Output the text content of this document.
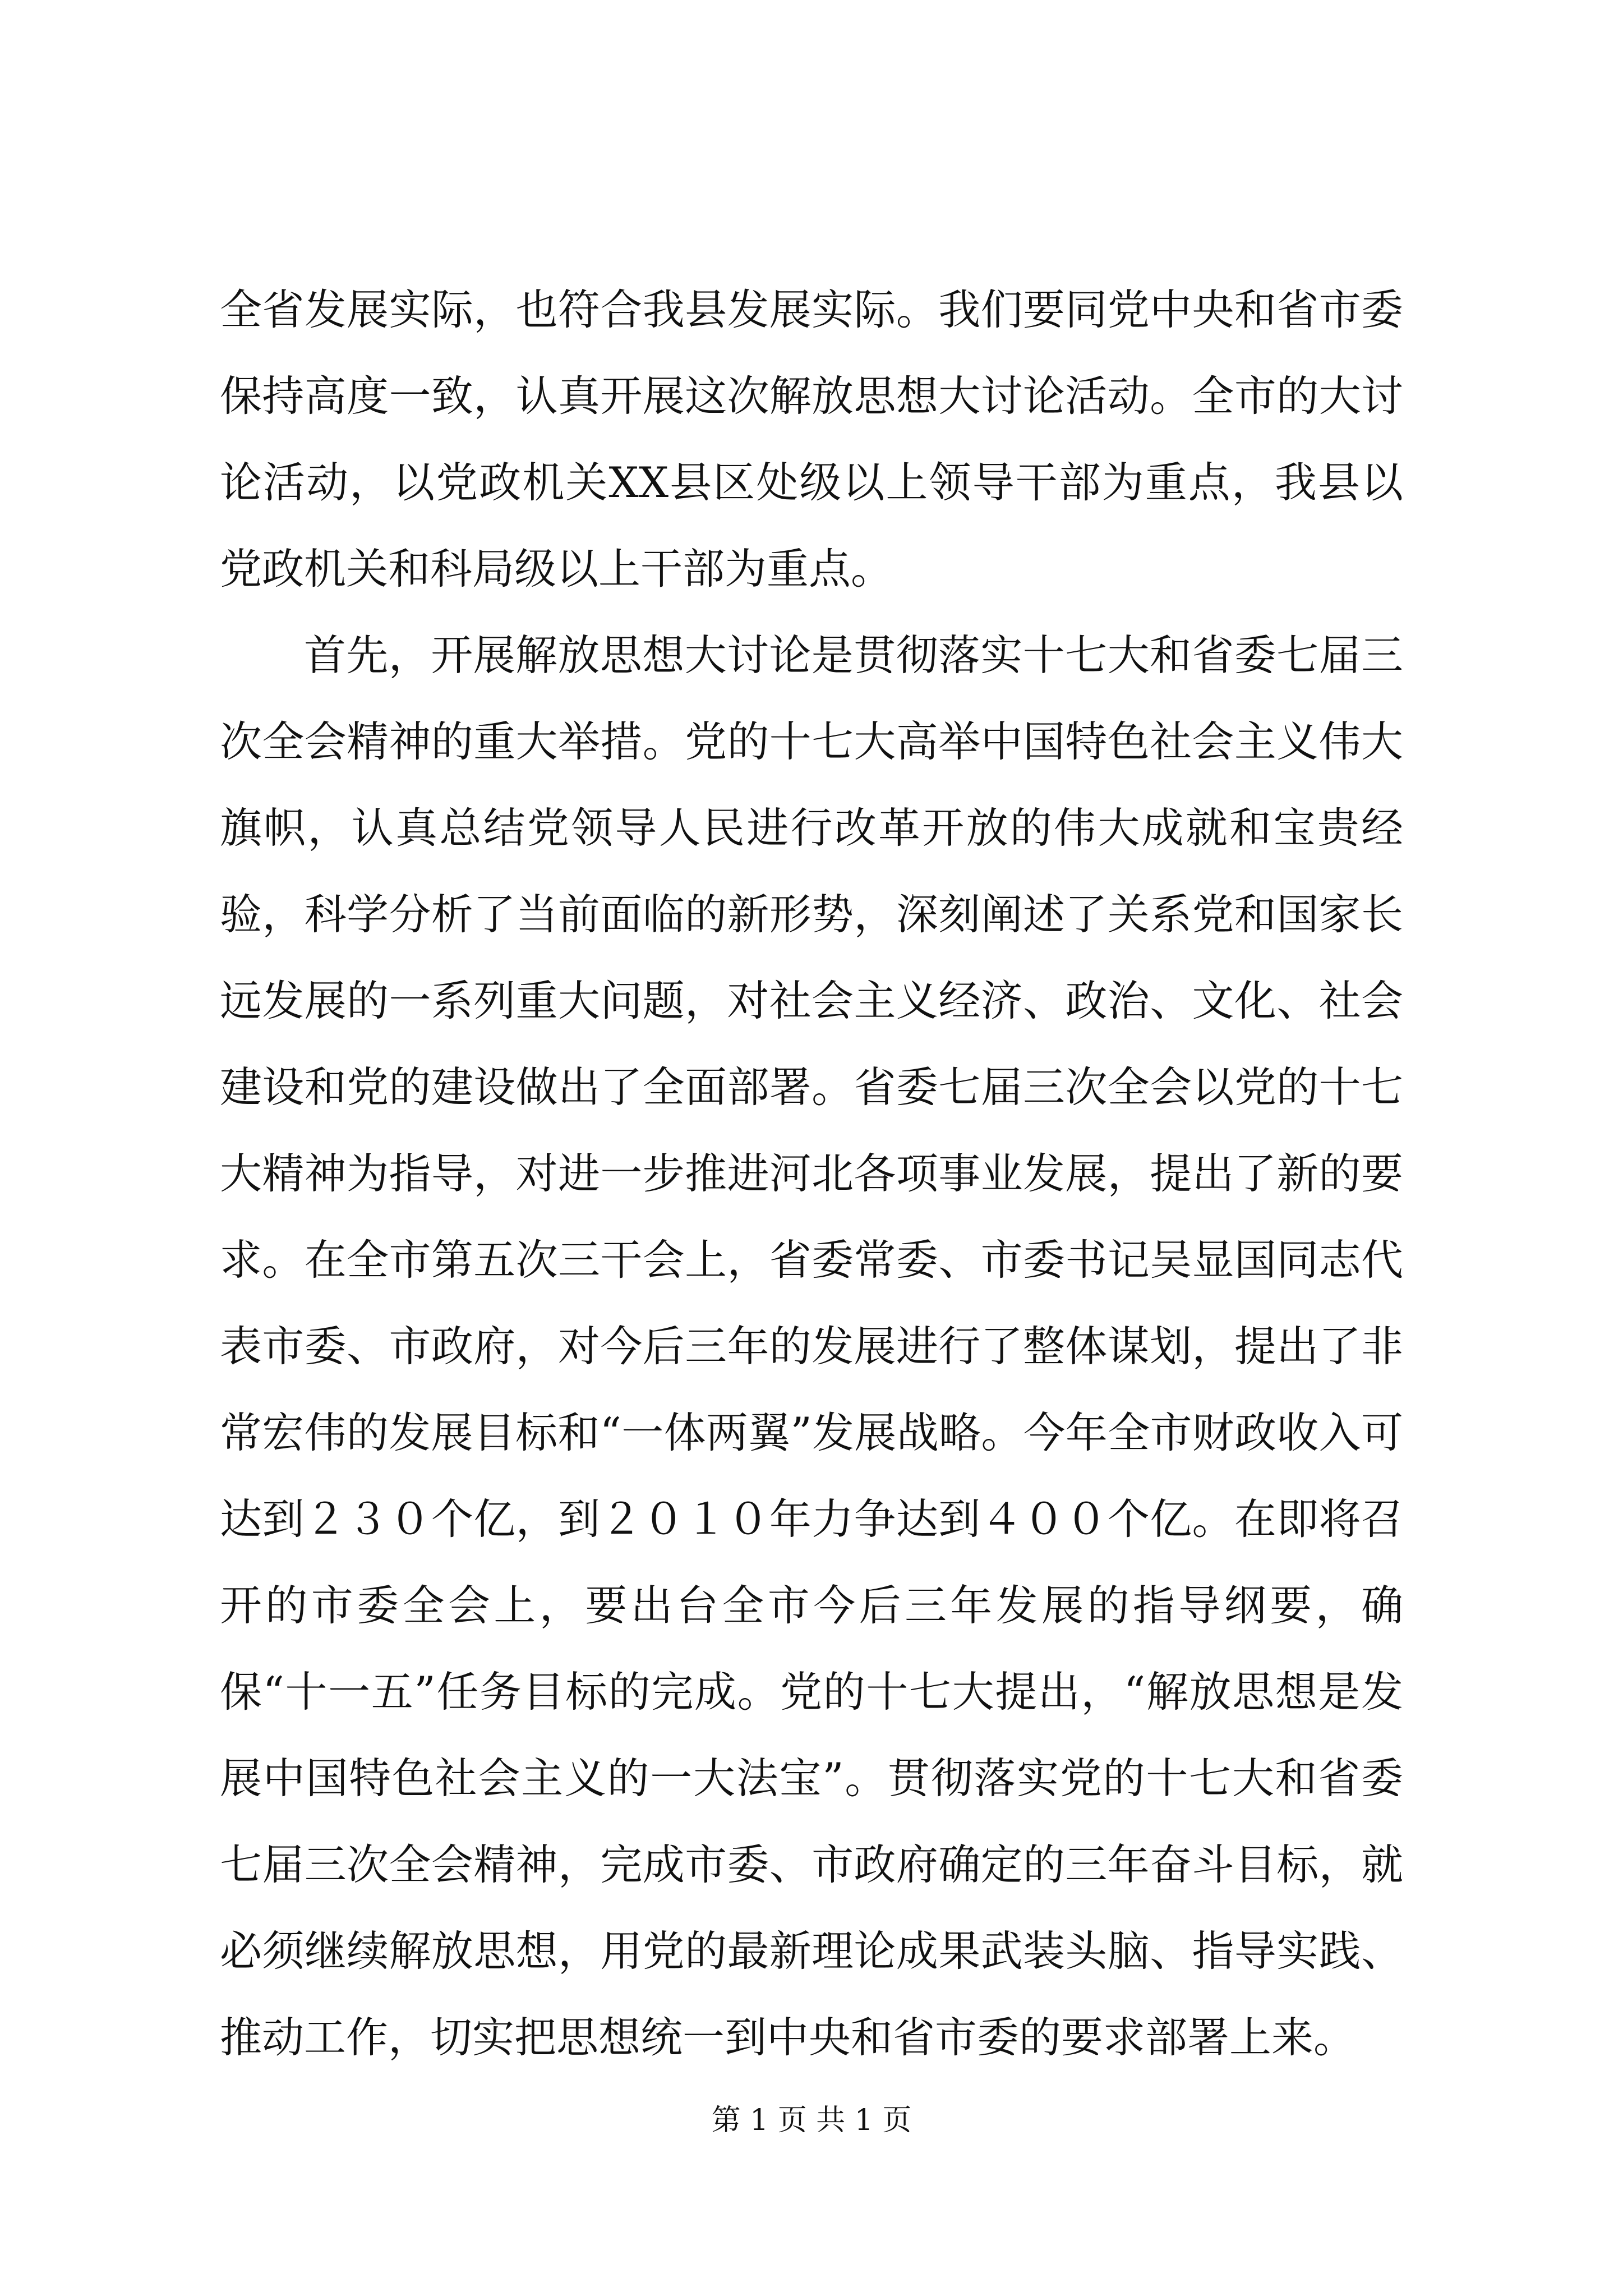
全省发展实际，也符合我县发展实际。我们要同党中央和省市委保持高度一致，认真开展这次解放思想大讨论活动。全市的大讨论活动，以党政机关XX县区处级以上领导干部为重点，我县以党政机关和科局级以上干部为重点。

首先，开展解放思想大讨论是贯彻落实十七大和省委七届三次全会精神的重大举措。党的十七大高举中国特色社会主义伟大旗帜，认真总结党领导人民进行改革开放的伟大成就和宝贵经验，科学分析了当前面临的新形势，深刻阐述了关系党和国家长远发展的一系列重大问题，对社会主义经济、政治、文化、社会建设和党的建设做出了全面部署。省委七届三次全会以党的十七大精神为指导，对进一步推进河北各项事业发展，提出了新的要求。在全市第五次三干会上，省委常委、市委书记吴显国同志代表市委、市政府，对今后三年的发展进行了整体谋划，提出了非常宏伟的发展目标和“一体两翼”发展战略。今年全市财政收入可达到２３０个亿，到２０１０年力争达到４００个亿。在即将召开的市委全会上，要出台全市今后三年发展的指导纲要，确保“十一五”任务目标的完成。党的十七大提出，“解放思想是发展中国特色社会主义的一大法宝”。贯彻落实党的十七大和省委七届三次全会精神，完成市委、市政府确定的三年奋斗目标，就必须继续解放思想，用党的最新理论成果武装头脑、指导实践、推动工作，切实把思想统一到中央和省市委的要求部署上来。

第 1 页 共 1 页
